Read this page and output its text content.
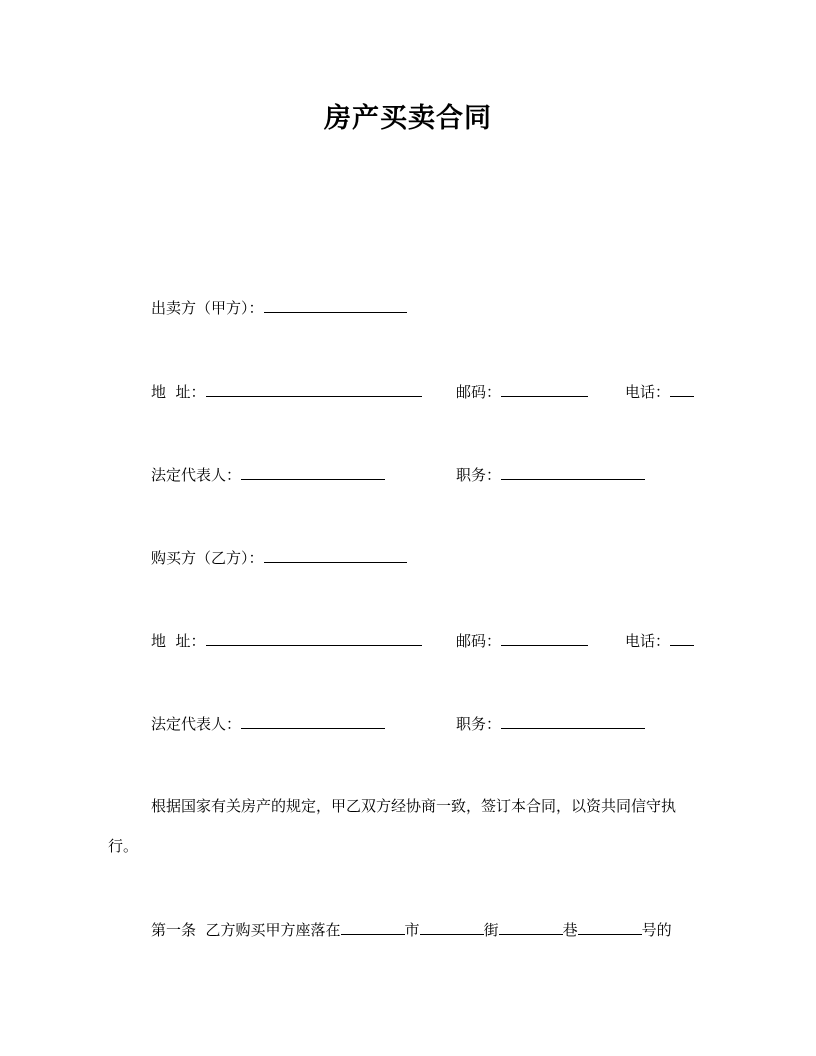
房产买卖合同
出卖方（甲方）：
地  址：	邮码：	电话：
法定代表人：	职务：
购买方（乙方）：
地  址：	邮码：	电话：
法定代表人：	职务：
根据国家有关房产的规定，甲乙双方经协商一致，签订本合同，以资共同信守执行。
第一条  乙方购买甲方座落在	市	街	巷	号的
